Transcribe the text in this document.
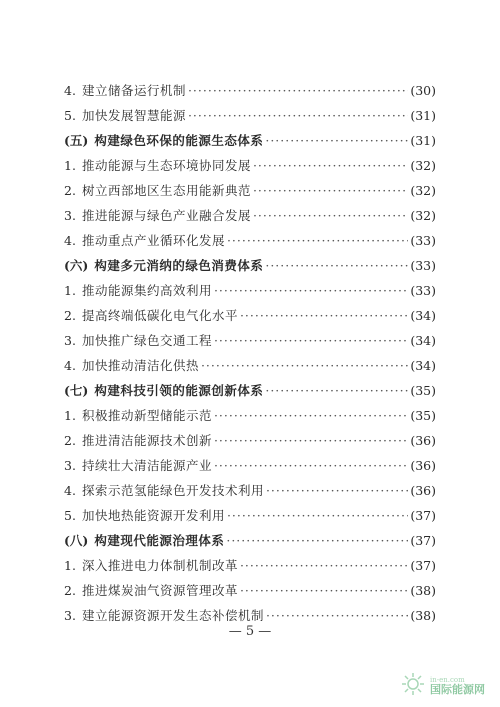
4. 建立储备运行机制 ·····	(30)
5. 加快发展智慧能源 ·····	(31)
(五) 构建绿色环保的能源生态体系 ·····	(31)
1. 推动能源与生态环境协同发展 ·····	(32)
2. 树立西部地区生态用能新典范 ·····	(32)
3. 推进能源与绿色产业融合发展 ·····	(32)
4. 推动重点产业循环化发展 ·····	(33)
(六) 构建多元消纳的绿色消费体系 ·····	(33)
1. 推动能源集约高效利用 ·····	(33)
2. 提高终端低碳化电气化水平 ·····	(34)
3. 加快推广绿色交通工程 ·····	(34)
4. 加快推动清洁化供热 ·····	(34)
(七) 构建科技引领的能源创新体系 ·····	(35)
1. 积极推动新型储能示范 ·····	(35)
2. 推进清洁能源技术创新 ·····	(36)
3. 持续壮大清洁能源产业 ·····	(36)
4. 探索示范氢能绿色开发技术利用 ·····	(36)
5. 加快地热能资源开发利用 ·····	(37)
(八) 构建现代能源治理体系 ·····	(37)
1. 深入推进电力体制机制改革 ·····	(37)
2. 推进煤炭油气资源管理改革 ·····	(38)
3. 建立能源资源开发生态补偿机制 ·····	(38)
— 5 —
in-en.com
国际能源网
